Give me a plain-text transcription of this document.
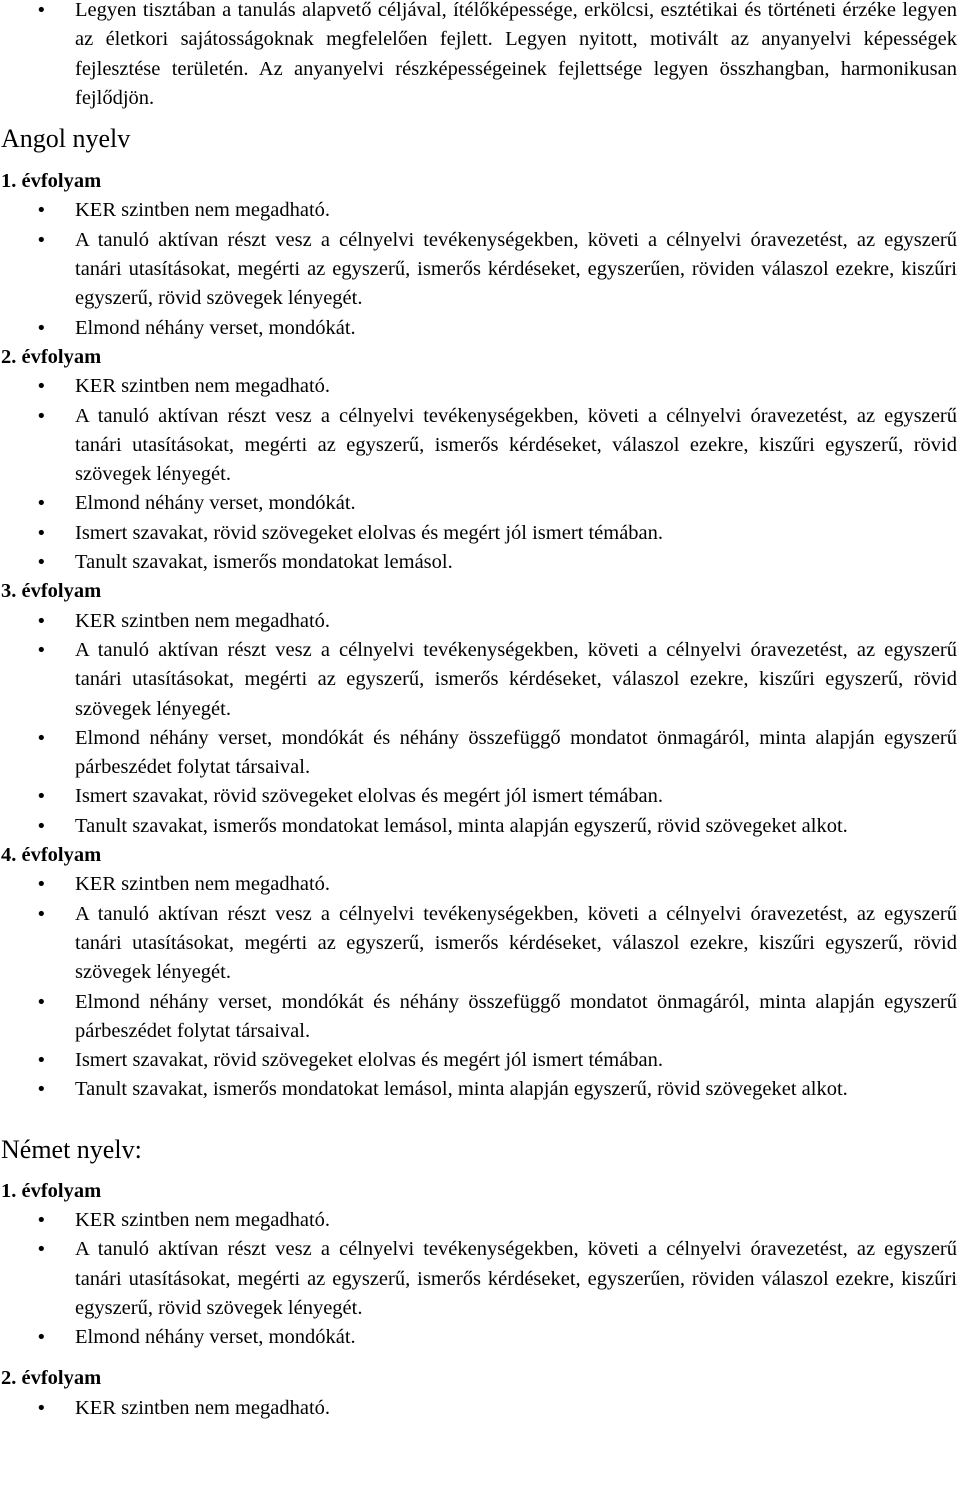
• Legyen tisztában a tanulás alapvető céljával, ítélőképessége, erkölcsi, esztétikai és történeti érzéke legyen az életkori sajátosságoknak megfelelően fejlett. Legyen nyitott, motivált az anyanyelvi képességek fejlesztése területén. Az anyanyelvi részképességeinek fejlettsége legyen összhangban, harmonikusan fejlődjön.
Angol nyelv
1. évfolyam
• KER szintben nem megadható.
• A tanuló aktívan részt vesz a célnyelvi tevékenységekben, követi a célnyelvi óravezetést, az egyszerű tanári utasításokat, megérti az egyszerű, ismerős kérdéseket, egyszerűen, röviden válaszol ezekre, kiszűri egyszerű, rövid szövegek lényegét.
• Elmond néhány verset, mondókát.
2. évfolyam
• KER szintben nem megadható.
• A tanuló aktívan részt vesz a célnyelvi tevékenységekben, követi a célnyelvi óravezetést, az egyszerű tanári utasításokat, megérti az egyszerű, ismerős kérdéseket, válaszol ezekre, kiszűri egyszerű, rövid szövegek lényegét.
• Elmond néhány verset, mondókát.
• Ismert szavakat, rövid szövegeket elolvas és megért jól ismert témában.
• Tanult szavakat, ismerős mondatokat lemásol.
3. évfolyam
• KER szintben nem megadható.
• A tanuló aktívan részt vesz a célnyelvi tevékenységekben, követi a célnyelvi óravezetést, az egyszerű tanári utasításokat, megérti az egyszerű, ismerős kérdéseket, válaszol ezekre, kiszűri egyszerű, rövid szövegek lényegét.
• Elmond néhány verset, mondókát és néhány összefüggő mondatot önmagáról, minta alapján egyszerű párbeszédet folytat társaival.
• Ismert szavakat, rövid szövegeket elolvas és megért jól ismert témában.
• Tanult szavakat, ismerős mondatokat lemásol, minta alapján egyszerű, rövid szövegeket alkot.
4. évfolyam
• KER szintben nem megadható.
• A tanuló aktívan részt vesz a célnyelvi tevékenységekben, követi a célnyelvi óravezetést, az egyszerű tanári utasításokat, megérti az egyszerű, ismerős kérdéseket, válaszol ezekre, kiszűri egyszerű, rövid szövegek lényegét.
• Elmond néhány verset, mondókát és néhány összefüggő mondatot önmagáról, minta alapján egyszerű párbeszédet folytat társaival.
• Ismert szavakat, rövid szövegeket elolvas és megért jól ismert témában.
• Tanult szavakat, ismerős mondatokat lemásol, minta alapján egyszerű, rövid szövegeket alkot.
Német nyelv:
1. évfolyam
• KER szintben nem megadható.
• A tanuló aktívan részt vesz a célnyelvi tevékenységekben, követi a célnyelvi óravezetést, az egyszerű tanári utasításokat, megérti az egyszerű, ismerős kérdéseket, egyszerűen, röviden válaszol ezekre, kiszűri egyszerű, rövid szövegek lényegét.
• Elmond néhány verset, mondókát.
2. évfolyam
• KER szintben nem megadható.
